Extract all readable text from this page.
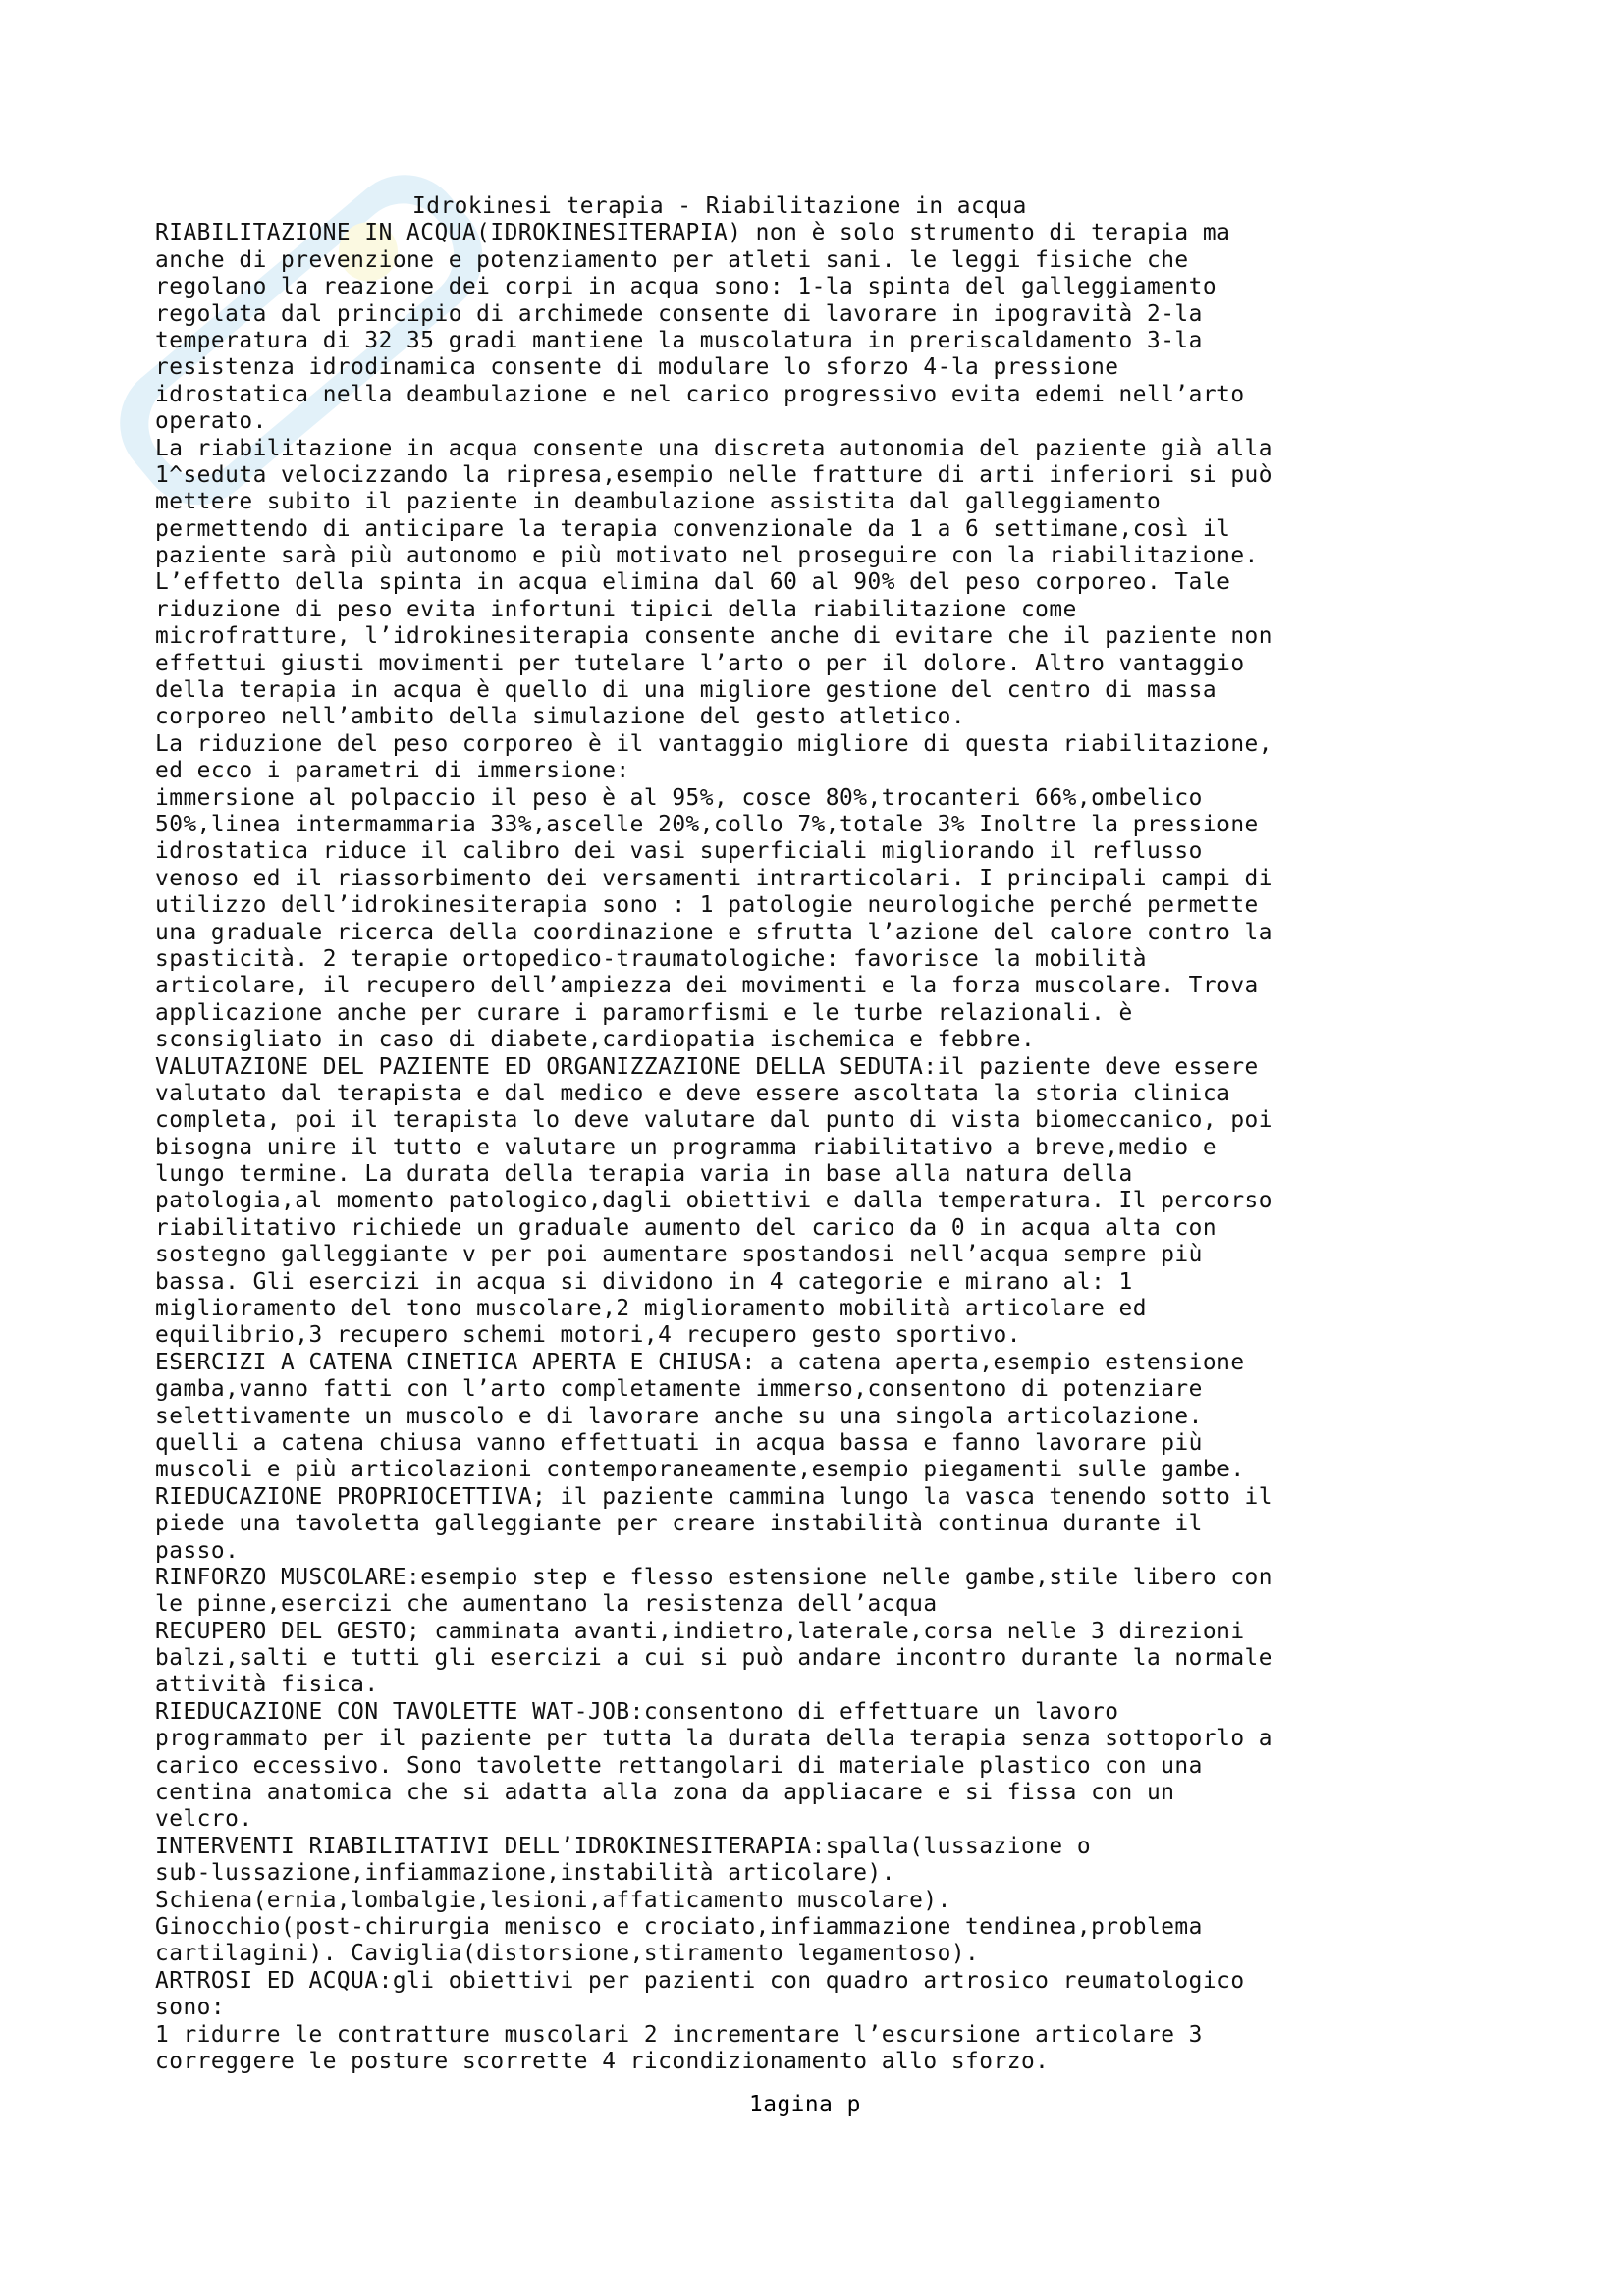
Idrokinesi terapia - Riabilitazione in acqua
RIABILITAZIONE IN ACQUA(IDROKINESITERAPIA) non è solo strumento di terapia ma
anche di prevenzione e potenziamento per atleti sani. le leggi fisiche che
regolano la reazione dei corpi in acqua sono: 1-la spinta del galleggiamento
regolata dal principio di archimede consente di lavorare in ipogravità 2-la
temperatura di 32 35 gradi mantiene la muscolatura in preriscaldamento 3-la
resistenza idrodinamica consente di modulare lo sforzo 4-la pressione
idrostatica nella deambulazione e nel carico progressivo evita edemi nell’arto
operato.
La riabilitazione in acqua consente una discreta autonomia del paziente già alla
1^seduta velocizzando la ripresa,esempio nelle fratture di arti inferiori si può
mettere subito il paziente in deambulazione assistita dal galleggiamento
permettendo di anticipare la terapia convenzionale da 1 a 6 settimane,così il
paziente sarà più autonomo e più motivato nel proseguire con la riabilitazione.
L’effetto della spinta in acqua elimina dal 60 al 90% del peso corporeo. Tale
riduzione di peso evita infortuni tipici della riabilitazione come
microfratture, l’idrokinesiterapia consente anche di evitare che il paziente non
effettui giusti movimenti per tutelare l’arto o per il dolore. Altro vantaggio
della terapia in acqua è quello di una migliore gestione del centro di massa
corporeo nell’ambito della simulazione del gesto atletico.
La riduzione del peso corporeo è il vantaggio migliore di questa riabilitazione,
ed ecco i parametri di immersione:
immersione al polpaccio il peso è al 95%, cosce 80%,trocanteri 66%,ombelico
50%,linea intermammaria 33%,ascelle 20%,collo 7%,totale 3% Inoltre la pressione
idrostatica riduce il calibro dei vasi superficiali migliorando il reflusso
venoso ed il riassorbimento dei versamenti intrarticolari. I principali campi di
utilizzo dell’idrokinesiterapia sono : 1 patologie neurologiche perché permette
una graduale ricerca della coordinazione e sfrutta l’azione del calore contro la
spasticità. 2 terapie ortopedico-traumatologiche: favorisce la mobilità
articolare, il recupero dell’ampiezza dei movimenti e la forza muscolare. Trova
applicazione anche per curare i paramorfismi e le turbe relazionali. è
sconsigliato in caso di diabete,cardiopatia ischemica e febbre.
VALUTAZIONE DEL PAZIENTE ED ORGANIZZAZIONE DELLA SEDUTA:il paziente deve essere
valutato dal terapista e dal medico e deve essere ascoltata la storia clinica
completa, poi il terapista lo deve valutare dal punto di vista biomeccanico, poi
bisogna unire il tutto e valutare un programma riabilitativo a breve,medio e
lungo termine. La durata della terapia varia in base alla natura della
patologia,al momento patologico,dagli obiettivi e dalla temperatura. Il percorso
riabilitativo richiede un graduale aumento del carico da 0 in acqua alta con
sostegno galleggiante v per poi aumentare spostandosi nell’acqua sempre più
bassa. Gli esercizi in acqua si dividono in 4 categorie e mirano al: 1
miglioramento del tono muscolare,2 miglioramento mobilità articolare ed
equilibrio,3 recupero schemi motori,4 recupero gesto sportivo.
ESERCIZI A CATENA CINETICA APERTA E CHIUSA: a catena aperta,esempio estensione
gamba,vanno fatti con l’arto completamente immerso,consentono di potenziare
selettivamente un muscolo e di lavorare anche su una singola articolazione.
quelli a catena chiusa vanno effettuati in acqua bassa e fanno lavorare più
muscoli e più articolazioni contemporaneamente,esempio piegamenti sulle gambe.
RIEDUCAZIONE PROPRIOCETTIVA; il paziente cammina lungo la vasca tenendo sotto il
piede una tavoletta galleggiante per creare instabilità continua durante il
passo.
RINFORZO MUSCOLARE:esempio step e flesso estensione nelle gambe,stile libero con
le pinne,esercizi che aumentano la resistenza dell’acqua
RECUPERO DEL GESTO; camminata avanti,indietro,laterale,corsa nelle 3 direzioni
balzi,salti e tutti gli esercizi a cui si può andare incontro durante la normale
attività fisica.
RIEDUCAZIONE CON TAVOLETTE WAT-JOB:consentono di effettuare un lavoro
programmato per il paziente per tutta la durata della terapia senza sottoporlo a
carico eccessivo. Sono tavolette rettangolari di materiale plastico con una
centina anatomica che si adatta alla zona da appliacare e si fissa con un
velcro.
INTERVENTI RIABILITATIVI DELL’IDROKINESITERAPIA:spalla(lussazione o
sub-lussazione,infiammazione,instabilità articolare).
Schiena(ernia,lombalgie,lesioni,affaticamento muscolare).
Ginocchio(post-chirurgia menisco e crociato,infiammazione tendinea,problema
cartilagini). Caviglia(distorsione,stiramento legamentoso).
ARTROSI ED ACQUA:gli obiettivi per pazienti con quadro artrosico reumatologico
sono:
1 ridurre le contratture muscolari 2 incrementare l’escursione articolare 3
correggere le posture scorrette 4 ricondizionamento allo sforzo.
1agina p
